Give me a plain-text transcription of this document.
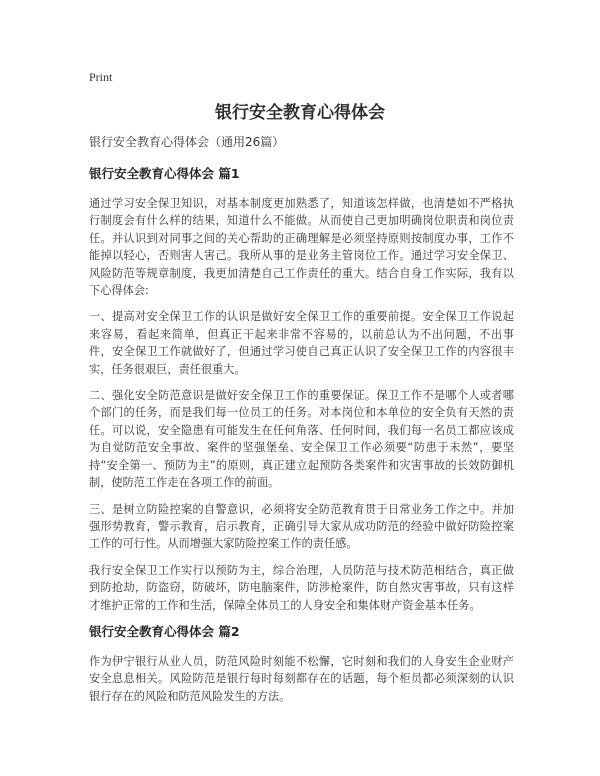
Print
银行安全教育心得体会

银行安全教育心得体会（通用26篇）

银行安全教育心得体会 篇1

通过学习安全保卫知识，对基本制度更加熟悉了，知道该怎样做，也清楚如不严格执行制度会有什么样的结果，知道什么不能做。从而使自己更加明确岗位职责和岗位责任。并认识到对同事之间的关心帮助的正确理解是必须坚持原则按制度办事，工作不能掉以轻心，否则害人害己。我所从事的是业务主管岗位工作。通过学习安全保卫、风险防范等规章制度，我更加清楚自己工作责任的重大。结合自身工作实际，我有以下心得体会:

一、提高对安全保卫工作的认识是做好安全保卫工作的重要前提。安全保卫工作说起来容易，看起来简单，但真正干起来非常不容易的，以前总认为不出问题，不出事件，安全保卫工作就做好了，但通过学习使自己真正认识了安全保卫工作的内容很丰实，任务很艰巨，责任很重大。

二、强化安全防范意识是做好安全保卫工作的重要保证。保卫工作不是哪个人或者哪个部门的任务，而是我们每一位员工的任务。对本岗位和本单位的安全负有天然的责任。可以说，安全隐患有可能发生在任何角落、任何时间，我们每一名员工都应该成为自觉防范安全事故、案件的坚强堡垒、安全保卫工作必须要“防患于未然”，要坚持“安全第一、预防为主”的原则，真正建立起预防各类案件和灾害事故的长效防御机制，使防范工作走在各项工作的前面。

三、是树立防险控案的自警意识，必须将安全防范教育贯于日常业务工作之中。并加强形势教育，警示教育，启示教育，正确引导大家从成功防范的经验中做好防险控案工作的可行性。从而增强大家防险控案工作的责任感。

我行安全保卫工作实行以预防为主，综合治理，人员防范与技术防范相结合，真正做到防抢劫，防盗窃，防破坏，防电脑案件，防涉枪案件，防自然灾害事故，只有这样才维护正常的工作和生活，保障全体员工的人身安全和集体财产资金基本任务。

银行安全教育心得体会 篇2

作为伊宁银行从业人员，防范风险时刻能不松懈，它时刻和我们的人身安生企业财产安全息息相关。风险防范是银行每时每刻都存在的话题，每个柜员都必须深刻的认识银行存在的风险和防范风险发生的方法。
